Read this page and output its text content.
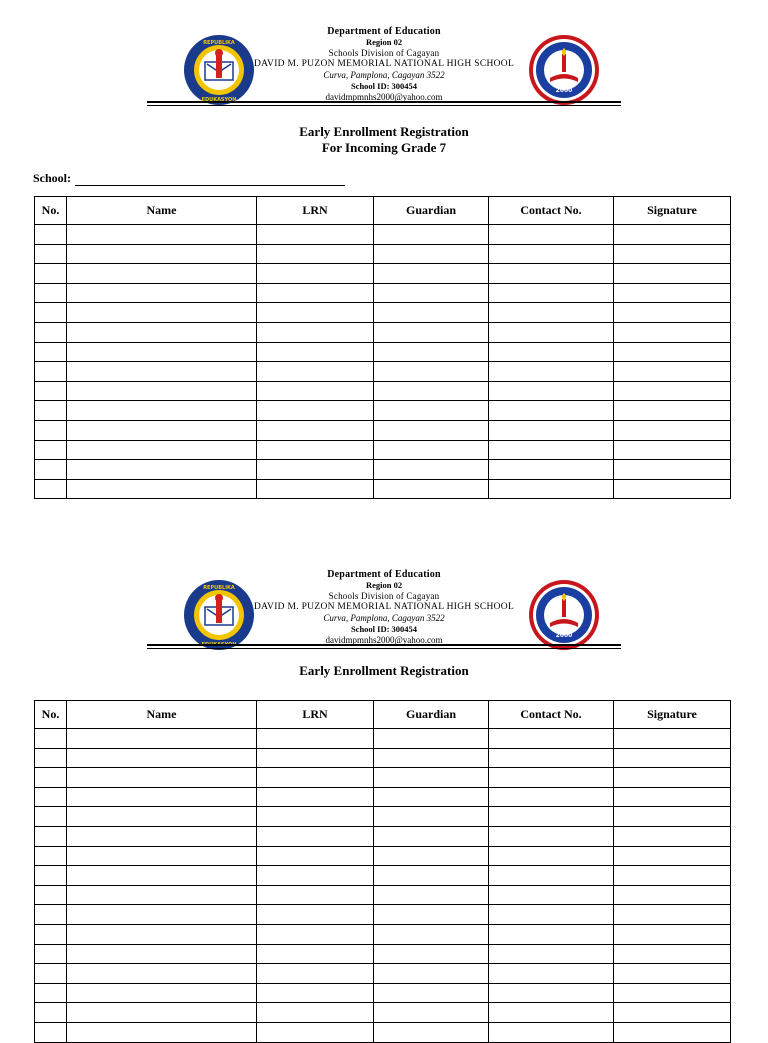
REPUBLIKA
EDUKASYON
Department of Education
Region 02
Schools Division of Cagayan
DAVID M. PUZON MEMORIAL NATIONAL HIGH SCHOOL
Curva, Pamplona, Cagayan 3522
School ID: 300454
davidmpmnhs2000@yahoo.com
2000
Early Enrollment Registration
For Incoming Grade 7
School:
No.	Name	LRN	Guardian	Contact No.	Signature

REPUBLIKA
EDUKASYON
Department of Education
Region 02
Schools Division of Cagayan
DAVID M. PUZON MEMORIAL NATIONAL HIGH SCHOOL
Curva, Pamplona, Cagayan 3522
School ID: 300454
davidmpmnhs2000@yahoo.com	2000
Early Enrollment Registration
No.	Name	LRN	Guardian	Contact No.	Signature
